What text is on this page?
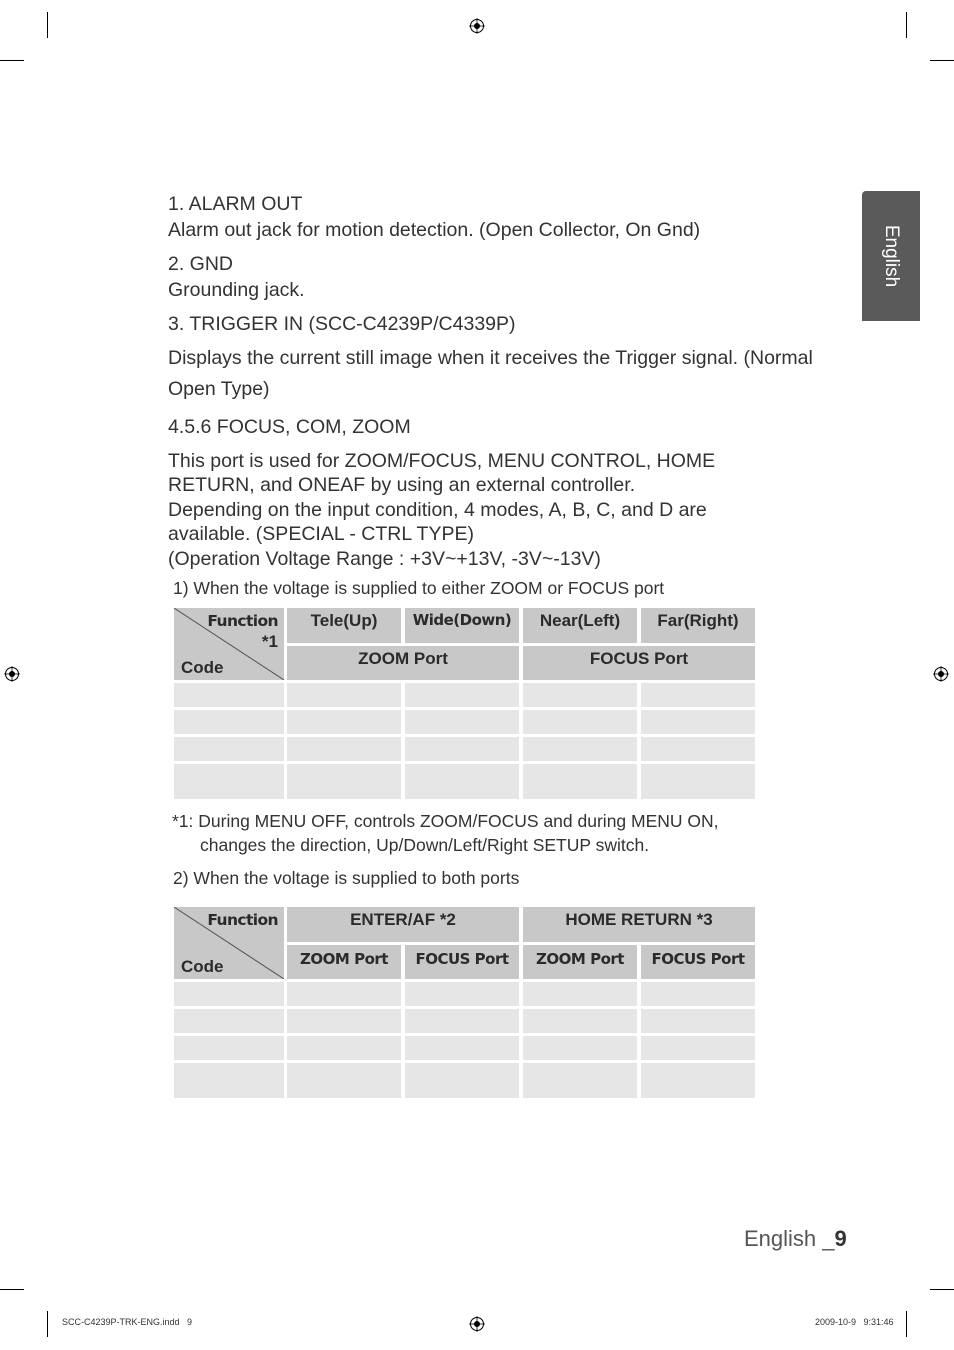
English
1. ALARM OUT
Alarm out jack for motion detection. (Open Collector, On Gnd)
2. GND
Grounding jack.
3. TRIGGER IN (SCC-C4239P/C4339P)
Displays the current still image when it receives the Trigger signal. (Normal
Open Type)
4.5.6 FOCUS, COM, ZOOM
This port is used for ZOOM/FOCUS, MENU CONTROL, HOME
RETURN, and ONEAF by using an external controller.
Depending on the input condition, 4 modes, A, B, C, and D are
available. (SPECIAL - CTRL TYPE)
(Operation Voltage Range : +3V~+13V, -3V~-13V)
1) When the voltage is supplied to either ZOOM or FOCUS port
Function
*1
Code
Tele(Up)	Wide(Down)	Near(Left)	Far(Right)
ZOOM Port	FOCUS Port
*1: During MENU OFF, controls ZOOM/FOCUS and during MENU ON,
changes the direction, Up/Down/Left/Right SETUP switch.
2) When the voltage is supplied to both ports
Function
Code
ENTER/AF *2	HOME RETURN *3
ZOOM Port	FOCUS Port	ZOOM Port	FOCUS Port
English _9
SCC-C4239P-TRK-ENG.indd   9	2009-10-9   9:31:46
